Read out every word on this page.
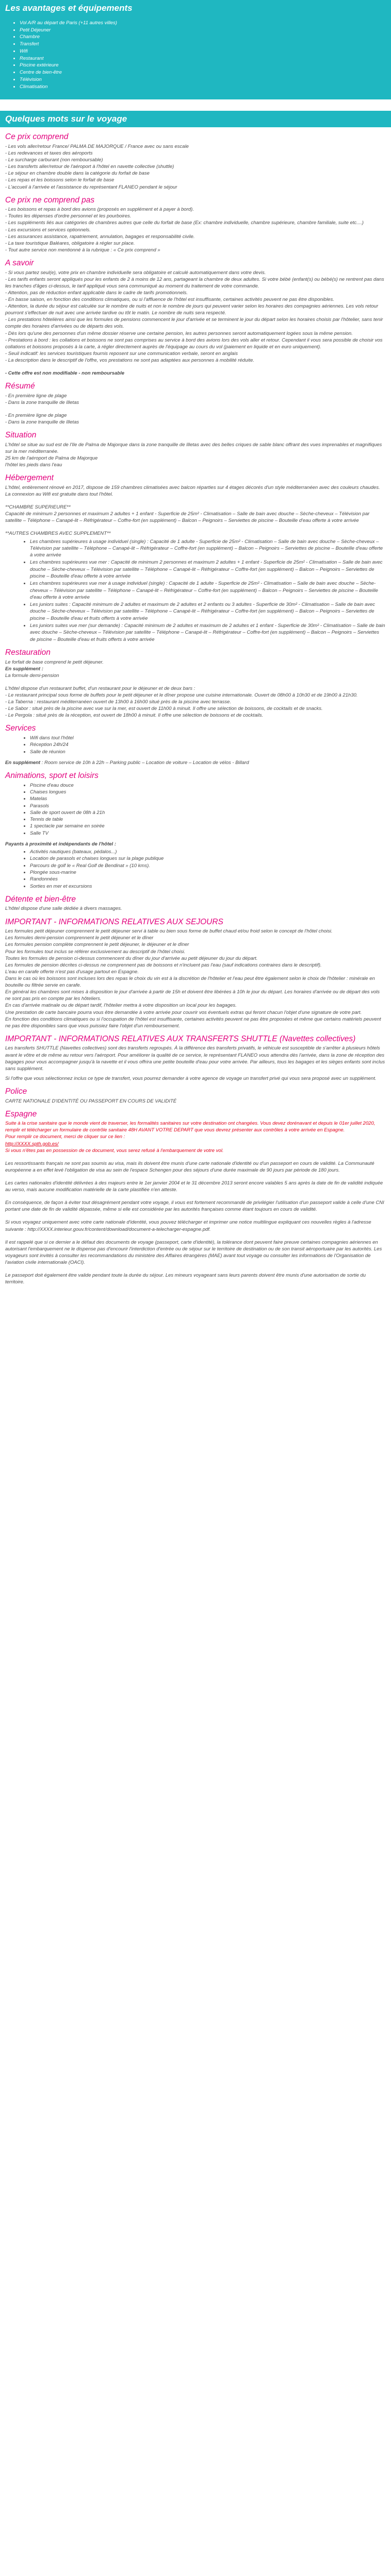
Les avantages et équipements
• Vol A/R au départ de Paris (+11 autres villes)
• Petit Déjeuner
• Chambre
• Transfert
• Wifi
• Restaurant
• Piscine extérieure
• Centre de bien-être
• Télévision
• Climatisation
Quelques mots sur le voyage
Ce prix comprend

- Les vols aller/retour France/ PALMA DE MAJORQUE / France avec ou sans escale

- Les redevances et taxes des aéroports

- Le surcharge carburant (non remboursable)

- Les transferts aller/retour de l'aéroport à l'hôtel en navette collective (shuttle)

- Le séjour en chambre double dans la catégorie du forfait de base

- Les repas et les boissons selon le forfait de base

- L'accueil à l'arrivée et l'assistance du représentant FLANEO pendant le séjour

Ce prix ne comprend pas

- Les boissons et repas à bord des avions (proposés en supplément et à payer à bord).

- Toutes les dépenses d'ordre personnel et les pourboires.

- Les suppléments liés aux catégories de chambres autres que celle du forfait de base (Ex: chambre individuelle, chambre supérieure, chambre familiale, suite etc....)

- Les excursions et services optionnels.

- Les assurances assistance, rapatriement, annulation, bagages et responsabilité civile.

- La taxe touristique Baléares, obligatoire à régler sur place.

- Tout autre service non mentionné à la rubrique : « Ce prix comprend »

A savoir

- Si vous partez seul(e), votre prix en chambre individuelle sera obligatoire et calculé automatiquement dans votre devis.

- Les tarifs enfants seront appliqués pour les enfants de 2 à moins de 12 ans, partageant la chambre de deux adultes. Si votre bébé (enfant(s) ou bébé(s) ne rentrent pas dans les tranches d'âges ci-dessus, le tarif appliqué vous sera communiqué au moment du traitement de votre commande.

- Attention, pas de réduction enfant applicable dans le cadre de tarifs promotionnels.

- En basse saison, en fonction des conditions climatiques, ou si l'affluence de l'hôtel est insuffisante, certaines activités peuvent ne pas être disponibles.

- Attention, la durée du séjour est calculée sur le nombre de nuits et non le nombre de jours qui peuvent varier selon les horaires des compagnies aériennes. Les vols retour pourront s'effectuer de nuit avec une arrivée tardive ou tôt le matin. Le nombre de nuits sera respecté.

- Les prestations hôtelières ainsi que les formules de pensions commencent le jour d'arrivée et se terminent le jour du départ selon les horaires choisis par l'hôtelier, sans tenir compte des horaires d'arrivées ou de départs des vols.

- Dès lors qu'une des personnes d'un même dossier réserve une certaine pension, les autres personnes seront automatiquement logées sous la même pension.

- Prestations à bord : les collations et boissons ne sont pas comprises au service à bord des avions lors des vols aller et retour. Cependant il vous sera possible de choisir vos collations et boissons proposés à la carte, à régler directement auprès de l'équipage au cours du vol (paiement en liquide et en euro uniquement).

- Seuil indicatif: les services touristiques fournis reposent sur une communication verbale, seront en anglais

- La description dans le descriptif de l'offre, vos prestations ne sont pas adaptées aux personnes à mobilité réduite.

- Cette offre est non modifiable - non remboursable

Résumé

- En première ligne de plage

- Dans la zone tranquille de Illetas

- En première ligne de plage

- Dans la zone tranquille de Illetas

Situation

L'hôtel se situe au sud est de l'Ile de Palma de Majorque dans la zone tranquille de Illetas avec des belles criques de sable blanc offrant des vues imprenables et magnifiques sur la mer méditerranée.

25 km de l'aéroport de Palma de Majorque

l'hôtel les pieds dans l'eau

Hébergement

L'hôtel, entièrement rénové en 2017, dispose de 159 chambres climatisées avec balcon réparties sur 4 étages décorés d'un style méditerranéen avec des couleurs chaudes. La connexion au Wifi est gratuite dans tout l'hôtel.

**CHAMBRE SUPERIEURE**

Capacité de minimum 2 personnes et maximum 2 adultes + 1 enfant - Superficie de 25m² - Climatisation – Salle de bain avec douche – Sèche-cheveux – Télévision par satellite – Téléphone – Canapé-lit – Réfrigérateur – Coffre-fort (en supplément) – Balcon – Peignoirs – Serviettes de piscine – Bouteille d'eau offerte à votre arrivée

**AUTRES CHAMBRES AVEC SUPPLEMENT**

• Les chambres supérieures à usage individuel (single) : Capacité de 1 adulte - Superficie de 25m² - Climatisation – Salle de bain avec douche – Sèche-cheveux – Télévision par satellite – Téléphone – Canapé-lit – Réfrigérateur – Coffre-fort (en supplément) – Balcon – Peignoirs – Serviettes de piscine – Bouteille d'eau offerte à votre arrivée
• Les chambres supérieures vue mer : Capacité de minimum 2 personnes et maximum 2 adultes + 1 enfant - Superficie de 25m² - Climatisation – Salle de bain avec douche – Sèche-cheveux – Télévision par satellite – Téléphone – Canapé-lit – Réfrigérateur – Coffre-fort (en supplément) – Balcon – Peignoirs – Serviettes de piscine – Bouteille d'eau offerte à votre arrivée
• Les chambres supérieures vue mer à usage individuel (single) : Capacité de 1 adulte - Superficie de 25m² - Climatisation – Salle de bain avec douche – Sèche-cheveux – Télévision par satellite – Téléphone – Canapé-lit – Réfrigérateur – Coffre-fort (en supplément) – Balcon – Peignoirs – Serviettes de piscine – Bouteille d'eau offerte à votre arrivée
• Les juniors suites : Capacité minimum de 2 adultes et maximum de 2 adultes et 2 enfants ou 3 adultes - Superficie de 30m² - Climatisation – Salle de bain avec douche – Sèche-cheveux – Télévision par satellite – Téléphone – Canapé-lit – Réfrigérateur – Coffre-fort (en supplément) – Balcon – Peignoirs – Serviettes de piscine – Bouteille d'eau et fruits offerts à votre arrivée
• Les juniors suites vue mer (sur demande) : Capacité minimum de 2 adultes et maximum de 2 adultes et 1 enfant - Superficie de 30m² - Climatisation – Salle de bain avec douche – Sèche-cheveux – Télévision par satellite – Téléphone – Canapé-lit – Réfrigérateur – Coffre-fort (en supplément) – Balcon – Peignoirs – Serviettes de piscine – Bouteille d'eau et fruits offerts à votre arrivée
Restauration

Le forfait de base comprend le petit déjeuner.

En supplément :

La formule demi-pension

L'hôtel dispose d'un restaurant buffet, d'un restaurant pour le déjeuner et de deux bars :

- Le restaurant principal sous forme de buffets pour le petit déjeuner et le dîner propose une cuisine internationale. Ouvert de 08h00 à 10h30 et de 19h00 à 21h30.

- La Taberna : restaurant méditerranéen ouvert de 13h00 à 16h00 situé près de la piscine avec terrasse.

- Le Sabor : situé près de la piscine avec vue sur la mer, est ouvert de 11h00 à minuit. Il offre une sélection de boissons, de cocktails et de snacks.

- Le Pergola : situé près de la réception, est ouvert de 18h00 à minuit. Il offre une sélection de boissons et de cocktails.

Services
• Wifi dans tout l'hôtel
• Réception 24h/24
• Salle de réunion

En supplément : Room service de 10h à 22h – Parking public – Location de voiture – Location de vélos - Billard

Animations, sport et loisirs
• Piscine d'eau douce
• Chaises longues
• Matelas
• Parasols
• Salle de sport ouvert de 08h à 21h
• Tennis de table
• 1 spectacle par semaine en soirée
• Salle TV

Payants à proximité et indépendants de l'hôtel :

• Activités nautiques (bateaux, pédalos...)
• Location de parasols et chaises longues sur la plage publique
• Parcours de golf le « Real Golf de Bendinat » (10 kms).
• Plongée sous-marine
• Randonnées
• Sorties en mer et excursions
Détente et bien-être

L'hôtel dispose d'une salle dédiée à divers massages.

IMPORTANT - INFORMATIONS RELATIVES AUX SEJOURS

Les formules petit déjeuner comprennent le petit déjeuner servi à table ou bien sous forme de buffet chaud et/ou froid selon le concept de l'hôtel choisi.

Les formules demi-pension comprennent le petit déjeuner et le dîner

Les formules pension complète comprennent le petit déjeuner, le déjeuner et le dîner

Pour les formules tout inclus se référer exclusivement au descriptif de l'hôtel choisi.

Toutes les formules de pension ci-dessus commencent du dîner du jour d'arrivée au petit déjeuner du jour du départ.

Les formules de pension décrites ci-dessus ne comprennent pas de boissons et n'incluent pas l'eau (sauf indications contraires dans le descriptif).

L'eau en carafe offerte n'est pas d'usage partout en Espagne.

Dans le cas où les boissons sont incluses lors des repas le choix du vin est à la discrétion de l'hôtelier et l'eau peut être également selon le choix de l'hôtelier : minérale en bouteille ou filtrée servie en carafe.

En général les chambres sont mises à disposition le jour d'arrivée à partir de 15h et doivent être libérées à 10h le jour du départ. Les horaires d'arrivée ou de départ des vols ne sont pas pris en compte par les hôteliers.

En cas d'arrivée matinale ou de départ tardif, l'hôtelier mettra à votre disposition un local pour les bagages.

Une prestation de carte bancaire pourra vous être demandée à votre arrivée pour couvrir vos éventuels extras qui feront chacun l'objet d'une signature de votre part.

En fonction des conditions climatiques ou si l'occupation de l'hôtel est insuffisante, certaines activités peuvent ne pas être proposées et même que certains matériels peuvent ne pas être disponibles sans que vous puissiez faire l'objet d'un remboursement.

IMPORTANT - INFORMATIONS RELATIVES AUX TRANSFERTS SHUTTLE (Navettes collectives)

Les transferts SHUTTLE (Navettes collectives) sont des transferts regroupés. À la différence des transferts privatifs, le véhicule est susceptible de s'arrêter à plusieurs hôtels avant le vôtre et de même au retour vers l'aéroport. Pour améliorer la qualité de ce service, le représentant FLANEO vous attendra dès l'arrivée, dans la zone de réception des bagages pour vous accompagner jusqu'à la navette et il vous offrira une petite bouteille d'eau pour votre arrivée. Par ailleurs, tous les bagages et les sièges enfants sont inclus sans supplément.

Si l'offre que vous sélectionnez inclus ce type de transfert, vous pourrez demander à votre agence de voyage un transfert privé qui vous sera proposé avec un supplément.

Police

CARTE NATIONALE D'IDENTITÉ OU PASSEPORT EN COURS DE VALIDITÉ

Espagne

Suite à la crise sanitaire que le monde vient de traverser, les formalités sanitaires sur votre destination ont changées. Vous devez dorénavant et depuis le 01er juillet 2020, remplir et télécharger un formulaire de contrôle sanitaire 48H AVANT VOTRE DEPART que vous devrez présenter aux contrôles à votre arrivée en Espagne.

Pour remplir ce document, merci de cliquer sur ce lien :

http://XXXX.spth.gob.es/

Si vous n'êtes pas en possession de ce document, vous serez refusé à l'embarquement de votre vol.

Les ressortissants français ne sont pas soumis au visa, mais ils doivent être munis d'une carte nationale d'identité ou d'un passeport en cours de validité. La Communauté européenne a en effet levé l'obligation de visa au sein de l'espace Schengen pour des séjours d'une durée maximale de 90 jours par période de 180 jours.

Les cartes nationales d'identité délivrées à des majeurs entre le 1er janvier 2004 et le 31 décembre 2013 seront encore valables 5 ans après la date de fin de validité indiquée au verso, mais aucune modification matérielle de la carte plastifiée n'en atteste.

En conséquence, de façon à éviter tout désagrément pendant votre voyage, il vous est fortement recommandé de privilégier l'utilisation d'un passeport valide à celle d'une CNI portant une date de fin de validité dépassée, même si elle est considérée par les autorités françaises comme étant toujours en cours de validité.

Si vous voyagez uniquement avec votre carte nationale d'identité, vous pouvez télécharger et imprimer une notice multilingue expliquant ces nouvelles règles à l'adresse suivante : http://XXXX.interieur.gouv.fr/content/download/document-a-telecharger-espagne.pdf.

Il est rappelé que si ce dernier a le défaut des documents de voyage (passeport, carte d'identité), la tolérance dont peuvent faire preuve certaines compagnies aériennes en autorisant l'embarquement ne le dispense pas d'encourir l'interdiction d'entrée ou de séjour sur le territoire de destination ou de son transit aéroportuaire par les autorités. Les voyageurs sont invités à consulter les recommandations du ministère des Affaires étrangères (MAE) avant tout voyage ou consulter les informations de l'Organisation de l'aviation civile internationale (OACI).

Le passeport doit également être valide pendant toute la durée du séjour. Les mineurs voyageant sans leurs parents doivent être munis d'une autorisation de sortie du territoire.
